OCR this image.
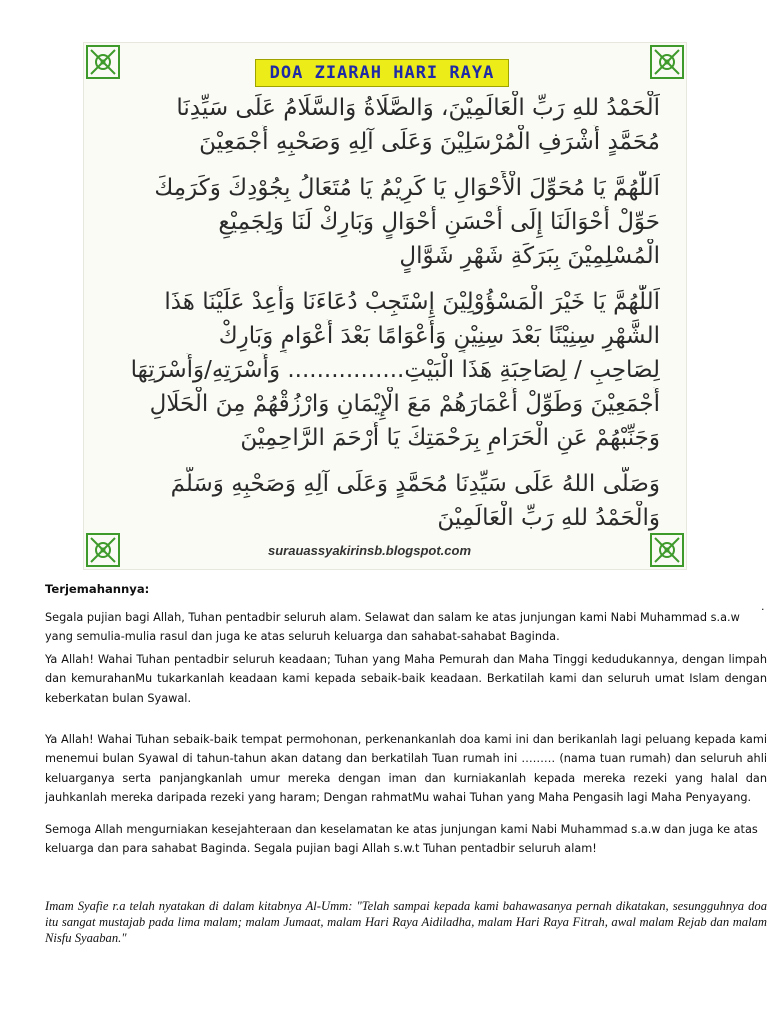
DOA ZIARAH HARI RAYA
اَلْحَمْدُ للهِ رَبِّ الْعَالَمِيْنَ، وَالصَّلَاةُ وَالسَّلَامُ عَلَى سَيِّدِنَا
مُحَمَّدٍ أَشْرَفِ الْمُرْسَلِيْنَ وَعَلَى آلِهِ وَصَحْبِهِ أَجْمَعِيْنَ
اَللّٰهُمَّ يَا مُحَوِّلَ الْأَحْوَالِ يَا كَرِيْمُ يَا مُتَعَالُ بِجُوْدِكَ وَكَرَمِكَ
حَوِّلْ أَحْوَالَنَا إِلَى أَحْسَنِ أَحْوَالٍ وَبَارِكْ لَنَا وَلِجَمِيْعِ
الْمُسْلِمِيْنَ بِبَرَكَةِ شَهْرِ شَوَّالٍ
اَللّٰهُمَّ يَا خَيْرَ الْمَسْؤُوْلِيْنَ إِسْتَجِبْ دُعَاءَنَا وَأَعِدْ عَلَيْنَا هَذَا
الشَّهْرِ سِنِيْنًا بَعْدَ سِنِيْنٍ وَأَعْوَامًا بَعْدَ أَعْوَامٍ وَبَارِكْ
لِصَاحِبِ / لِصَاحِبَةِ هَذَا الْبَيْتِ................ وَأُسْرَتِهِ/وَأُسْرَتِهَا
أَجْمَعِيْنَ وَطَوِّلْ أَعْمَارَهُمْ مَعَ الْإِيْمَانِ وَارْزُقْهُمْ مِنَ الْحَلَالِ
وَجَنِّبْهُمْ عَنِ الْحَرَامِ بِرَحْمَتِكَ يَا أَرْحَمَ الرَّاحِمِيْنَ
وَصَلَّى اللهُ عَلَى سَيِّدِنَا مُحَمَّدٍ وَعَلَى آلِهِ وَصَحْبِهِ وَسَلَّمَ
وَالْحَمْدُ للهِ رَبِّ الْعَالَمِيْنَ
surauassyakirinsb.blogspot.com
Terjemahannya:
.
Segala pujian bagi Allah, Tuhan pentadbir seluruh alam. Selawat dan salam ke atas junjungan kami Nabi Muhammad s.a.w yang semulia-mulia rasul dan juga ke atas seluruh keluarga dan sahabat-sahabat Baginda.
Ya Allah! Wahai Tuhan pentadbir seluruh keadaan; Tuhan yang Maha Pemurah dan Maha Tinggi kedudukannya, dengan limpah dan kemurahanMu tukarkanlah keadaan kami kepada sebaik-baik keadaan. Berkatilah kami dan seluruh umat Islam dengan keberkatan bulan Syawal.
Ya Allah! Wahai Tuhan sebaik-baik tempat permohonan, perkenankanlah doa kami ini dan berikanlah lagi peluang kepada kami menemui bulan Syawal di tahun-tahun akan datang dan berkatilah Tuan rumah ini ……… (nama tuan rumah) dan seluruh ahli keluarganya serta panjangkanlah umur mereka dengan iman dan kurniakanlah kepada mereka rezeki yang halal dan jauhkanlah mereka daripada rezeki yang haram; Dengan rahmatMu wahai Tuhan yang Maha Pengasih lagi Maha Penyayang.
Semoga Allah mengurniakan kesejahteraan dan keselamatan ke atas junjungan kami Nabi Muhammad s.a.w dan juga ke atas keluarga dan para sahabat Baginda. Segala pujian bagi Allah s.w.t Tuhan pentadbir seluruh alam!
Imam Syafie r.a telah nyatakan di dalam kitabnya Al-Umm: "Telah sampai kepada kami bahawasanya pernah dikatakan, sesungguhnya doa itu sangat mustajab pada lima malam; malam Jumaat, malam Hari Raya Aidiladha, malam Hari Raya Fitrah, awal malam Rejab dan malam Nisfu Syaaban."
